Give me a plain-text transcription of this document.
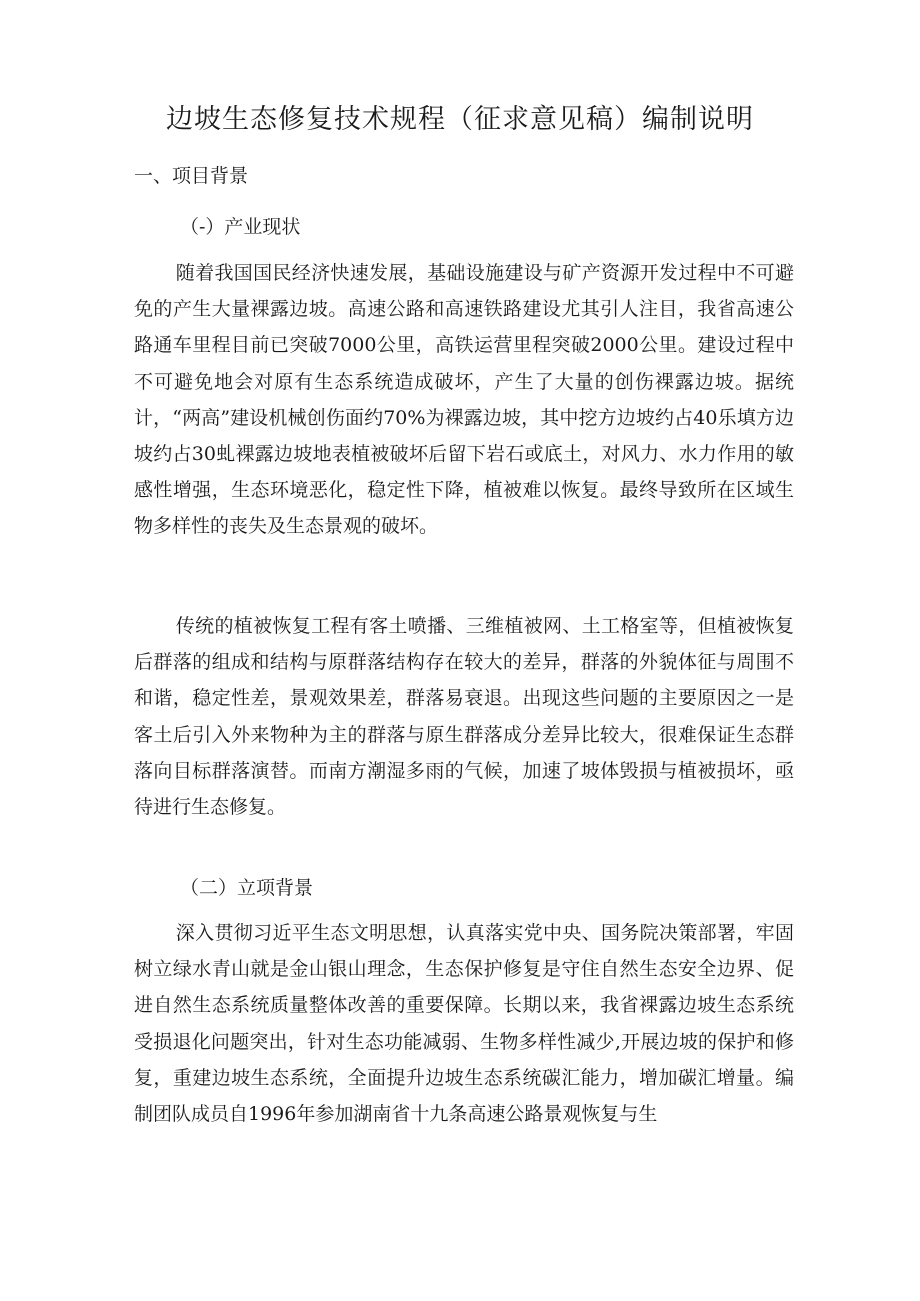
边坡生态修复技术规程（征求意见稿）编制说明
一、项目背景
（-）产业现状

随着我国国民经济快速发展，基础设施建设与矿产资源开发过程中不可避免的产生大量裸露边坡。高速公路和高速铁路建设尤其引人注目，我省高速公路通车里程目前已突破7000公里，高铁运营里程突破2000公里。建设过程中不可避免地会对原有生态系统造成破坏，产生了大量的创伤裸露边坡。据统计，“两高”建设机械创伤面约70%为裸露边坡，其中挖方边坡约占40乐填方边坡约占30虬裸露边坡地表植被破坏后留下岩石或底土，对风力、水力作用的敏感性增强，生态环境恶化，稳定性下降，植被难以恢复。最终导致所在区域生物多样性的丧失及生态景观的破坏。

传统的植被恢复工程有客土喷播、三维植被网、土工格室等，但植被恢复后群落的组成和结构与原群落结构存在较大的差异，群落的外貌体征与周围不和谐，稳定性差，景观效果差，群落易衰退。出现这些问题的主要原因之一是客土后引入外来物种为主的群落与原生群落成分差异比较大，很难保证生态群落向目标群落演替。而南方潮湿多雨的气候，加速了坡体毁损与植被损坏，亟待进行生态修复。

（二）立项背景

深入贯彻习近平生态文明思想，认真落实党中央、国务院决策部署，牢固树立绿水青山就是金山银山理念，生态保护修复是守住自然生态安全边界、促进自然生态系统质量整体改善的重要保障。长期以来，我省裸露边坡生态系统受损退化问题突出，针对生态功能减弱、生物多样性减少,开展边坡的保护和修复，重建边坡生态系统，全面提升边坡生态系统碳汇能力，增加碳汇增量。编制团队成员自1996年参加湖南省十九条高速公路景观恢复与生
